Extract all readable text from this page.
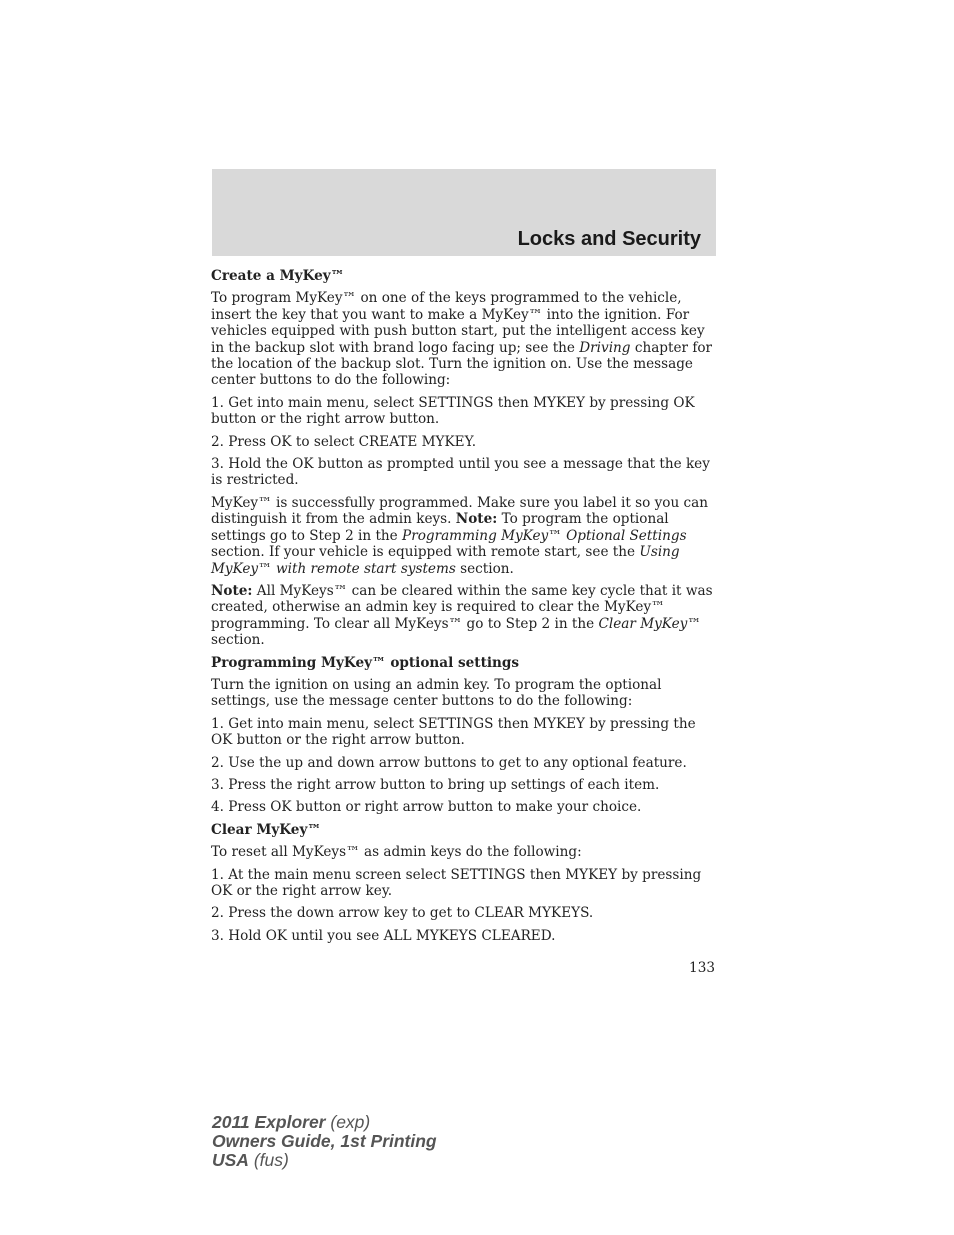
Locks and Security
Create a MyKey™

To program MyKey™ on one of the keys programmed to the vehicle, insert the key that you want to make a MyKey™ into the ignition. For vehicles equipped with push button start, put the intelligent access key in the backup slot with brand logo facing up; see the Driving chapter for the location of the backup slot. Turn the ignition on. Use the message center buttons to do the following:

1. Get into main menu, select SETTINGS then MYKEY by pressing OK button or the right arrow button.

2. Press OK to select CREATE MYKEY.

3. Hold the OK button as prompted until you see a message that the key is restricted.

MyKey™ is successfully programmed. Make sure you label it so you can distinguish it from the admin keys. Note: To program the optional settings go to Step 2 in the Programming MyKey™ Optional Settings section. If your vehicle is equipped with remote start, see the Using MyKey™ with remote start systems section.

Note: All MyKeys™ can be cleared within the same key cycle that it was created, otherwise an admin key is required to clear the MyKey™ programming. To clear all MyKeys™ go to Step 2 in the Clear MyKey™ section.

Programming MyKey™ optional settings

Turn the ignition on using an admin key. To program the optional settings, use the message center buttons to do the following:

1. Get into main menu, select SETTINGS then MYKEY by pressing the OK button or the right arrow button.

2. Use the up and down arrow buttons to get to any optional feature.

3. Press the right arrow button to bring up settings of each item.

4. Press OK button or right arrow button to make your choice.

Clear MyKey™

To reset all MyKeys™ as admin keys do the following:

1. At the main menu screen select SETTINGS then MYKEY by pressing OK or the right arrow key.

2. Press the down arrow key to get to CLEAR MYKEYS.

3. Hold OK until you see ALL MYKEYS CLEARED.

133
2011 Explorer (exp)
Owners Guide, 1st Printing
USA (fus)
